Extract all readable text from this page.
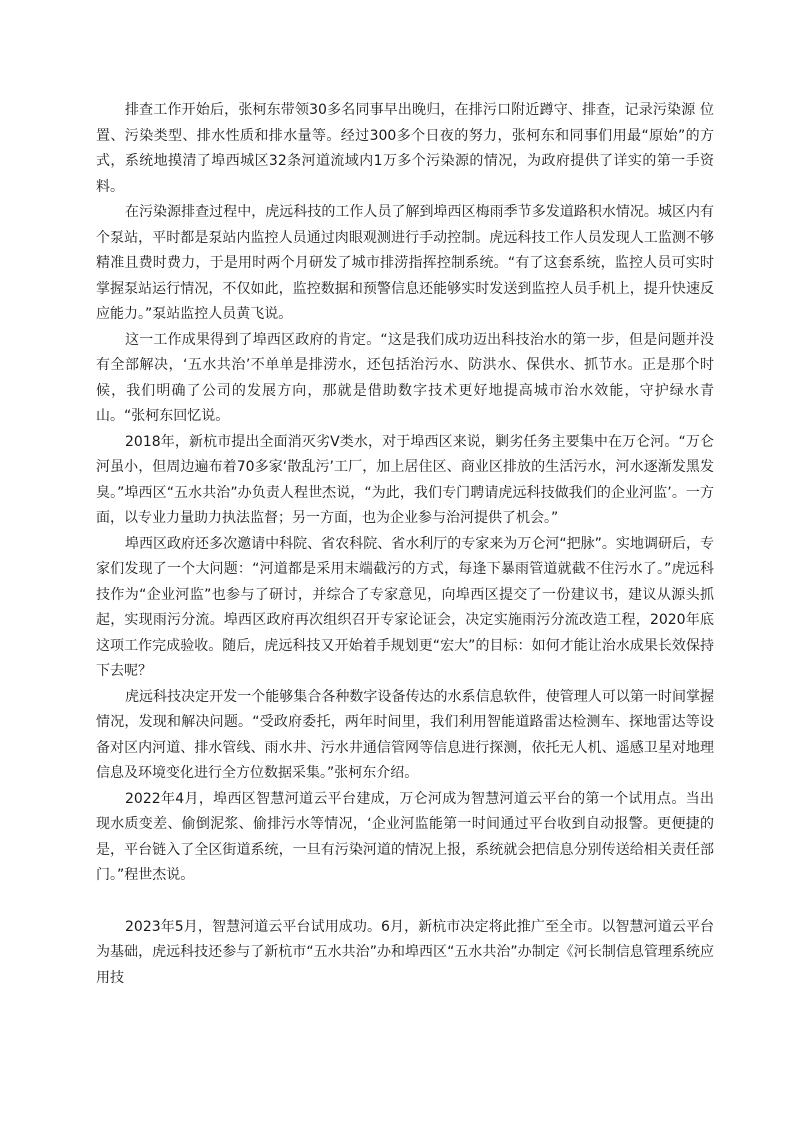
排查工作开始后，张柯东带领30多名同事早出晚归，在排污口附近蹲守、排查，记录污染源 位置、污染类型、排水性质和排水量等。经过300多个日夜的努力，张柯东和同事们用最“原始”的方式，系统地摸清了埠西城区32条河道流域内1万多个污染源的情况，为政府提供了详实的第一手资料。

在污染源排查过程中，虎远科技的工作人员了解到埠西区梅雨季节多发道路积水情况。城区内有个泵站，平时都是泵站内监控人员通过肉眼观测进行手动控制。虎远科技工作人员发现人工监测不够精准且费时费力，于是用时两个月研发了城市排涝指挥控制系统。“有了这套系统，监控人员可实时掌握泵站运行情况，不仅如此，监控数据和预警信息还能够实时发送到监控人员手机上，提升快速反应能力。”泵站监控人员黄飞说。

这一工作成果得到了埠西区政府的肯定。“这是我们成功迈出科技治水的第一步，但是问题并没有全部解决，‘五水共治’不单单是排涝水，还包括治污水、防洪水、保供水、抓节水。正是那个时候，我们明确了公司的发展方向，那就是借助数字技术更好地提高城市治水效能，守护绿水青山。“张柯东回忆说。

2018年，新杭市提出全面消灭劣Ⅴ类水，对于埠西区来说，剿劣任务主要集中在万仑河。“万仑河虽小，但周边遍布着70多家‘散乱污’工厂，加上居住区、商业区排放的生活污水，河水逐渐发黑发臭。”埠西区“五水共治”办负责人程世杰说，“为此，我们专门聘请虎远科技做我们的企业河监’。一方面，以专业力量助力执法监督；另一方面，也为企业参与治河提供了机会。”

埠西区政府还多次邀请中科院、省农科院、省水利厅的专家来为万仑河“把脉”。实地调研后，专家们发现了一个大问题：“河道都是采用末端截污的方式，每逢下暴雨管道就截不住污水了。”虎远科技作为“企业河监”也参与了研讨，并综合了专家意见，向埠西区提交了一份建议书，建议从源头抓起，实现雨污分流。埠西区政府再次组织召开专家论证会，决定实施雨污分流改造工程，2020年底这项工作完成验收。随后，虎远科技又开始着手规划更“宏大”的目标：如何才能让治水成果长效保持下去呢？

虎远科技决定开发一个能够集合各种数字设备传达的水系信息软件，使管理人可以第一时间掌握情况，发现和解决问题。“受政府委托，两年时间里，我们利用智能道路雷达检测车、探地雷达等设备对区内河道、排水管线、雨水井、污水井通信管网等信息进行探测，依托无人机、遥感卫星对地理信息及环境变化进行全方位数据采集。”张柯东介绍。

2022年4月，埠西区智慧河道云平台建成，万仑河成为智慧河道云平台的第一个试用点。当出现水质变差、偷倒泥浆、偷排污水等情况，‘企业河监能第一时间通过平台收到自动报警。更便捷的是，平台链入了全区街道系统，一旦有污染河道的情况上报，系统就会把信息分别传送给相关责任部门。”程世杰说。

2023年5月，智慧河道云平台试用成功。6月，新杭市决定将此推广至全市。以智慧河道云平台为基础，虎远科技还参与了新杭市“五水共治”办和埠西区“五水共治”办制定《河长制信息管理系统应用技
